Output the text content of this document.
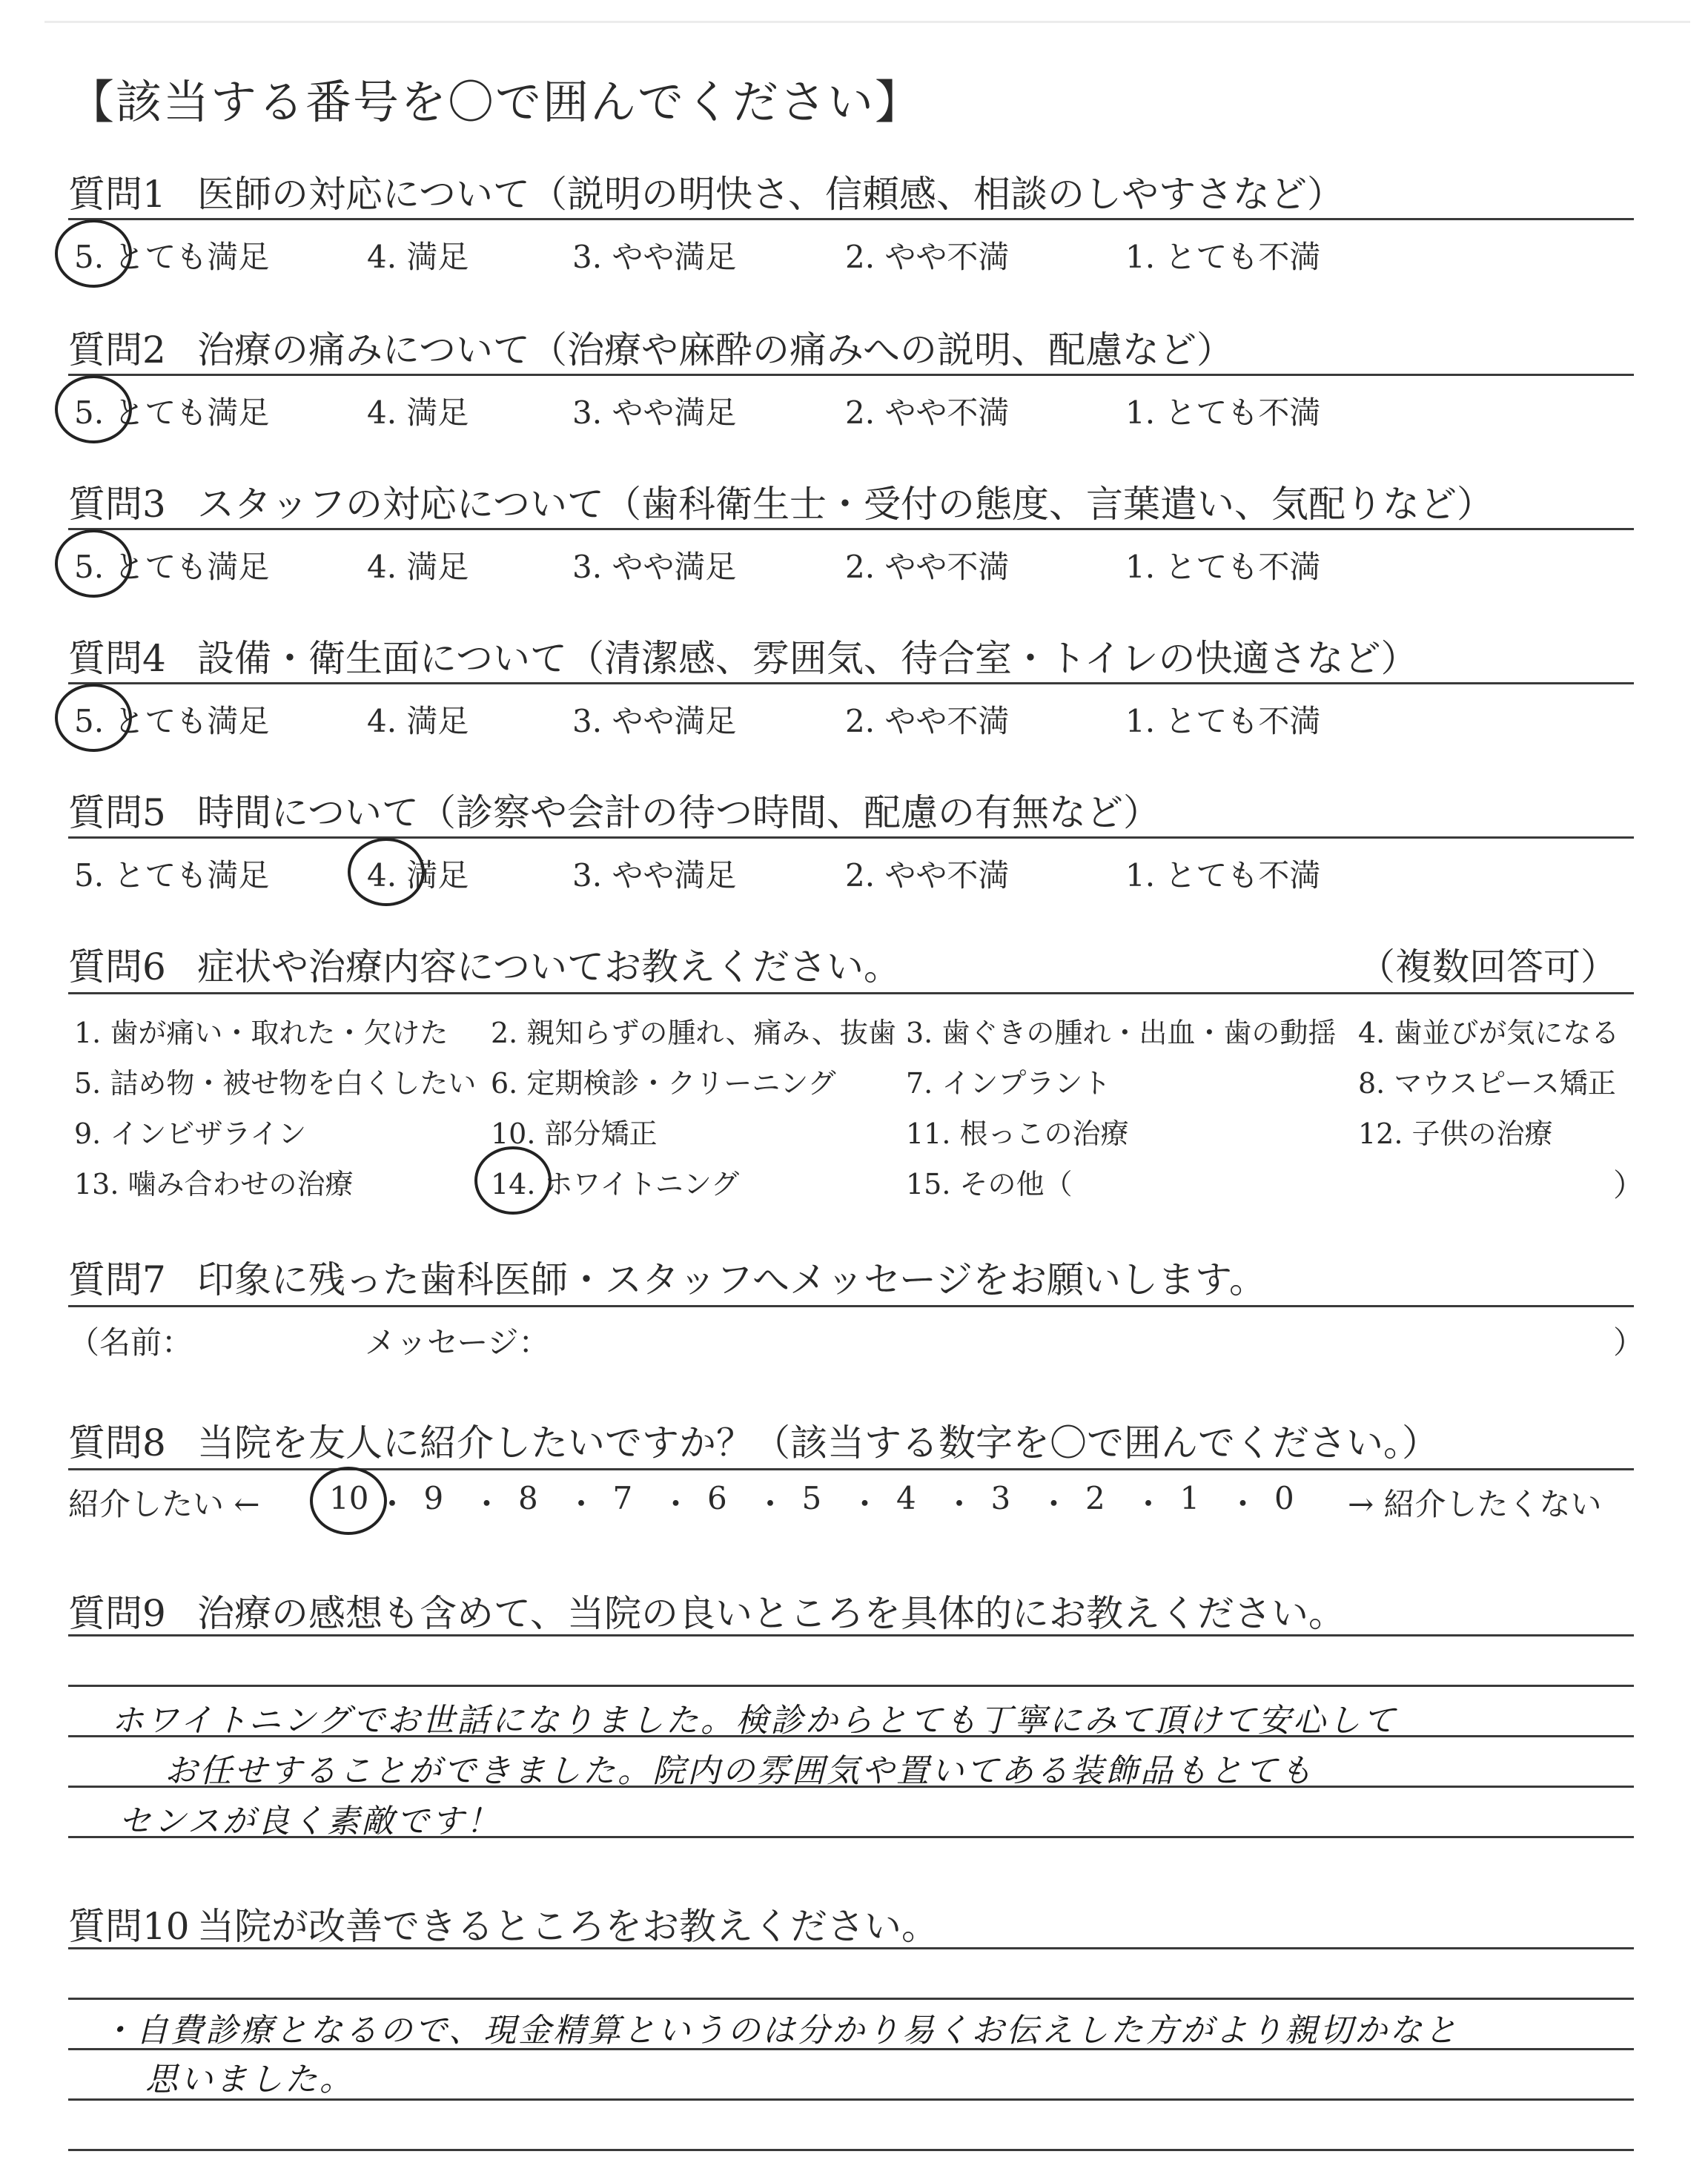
【該当する番号を〇で囲んでください】
質問1 医師の対応について（説明の明快さ、信頼感、相談のしやすさなど）
5. とても満足	4. 満足	3. やや満足	2. やや不満	1. とても不満
質問2 治療の痛みについて（治療や麻酔の痛みへの説明、配慮など）
5. とても満足	4. 満足	3. やや満足	2. やや不満	1. とても不満
質問3 スタッフの対応について（歯科衛生士・受付の態度、言葉遣い、気配りなど）
5. とても満足	4. 満足	3. やや満足	2. やや不満	1. とても不満
質問4 設備・衛生面について（清潔感、雰囲気、待合室・トイレの快適さなど）
5. とても満足	4. 満足	3. やや満足	2. やや不満	1. とても不満
質問5 時間について（診察や会計の待つ時間、配慮の有無など）
5. とても満足	4. 満足	3. やや満足	2. やや不満	1. とても不満
質問6 症状や治療内容についてお教えください。	（複数回答可）
1. 歯が痛い・取れた・欠けた 2. 親知らずの腫れ、痛み、抜歯 3. 歯ぐきの腫れ・出血・歯の動揺 4. 歯並びが気になる
5. 詰め物・被せ物を白くしたい 6. 定期検診・クリーニング 7. インプラント	8. マウスピース矯正
9. インビザライン	10. 部分矯正	11. 根っこの治療	12. 子供の治療
13. 噛み合わせの治療	14. ホワイトニング	15. その他（	）
質問7 印象に残った歯科医師・スタッフへメッセージをお願いします。
（名前：	メッセージ：	）
質問8 当院を友人に紹介したいですか？（該当する数字を〇で囲んでください。）
紹介したい ←	→ 紹介したくない
10 ・ 9 ・ 8 ・ 7 ・ 6 ・ 5 ・ 4 ・ 3 ・ 2 ・ 1 ・ 0
質問9 治療の感想も含めて、当院の良いところを具体的にお教えください。
ホワイトニングでお世話になりました。検診からとても丁寧にみて頂けて安心して
お任せすることができました。院内の雰囲気や置いてある装飾品もとても
センスが良く素敵です！
質問10 当院が改善できるところをお教えください。
・自費診療となるので、現金精算というのは分かり易くお伝えした方がより親切かなと
思いました。
